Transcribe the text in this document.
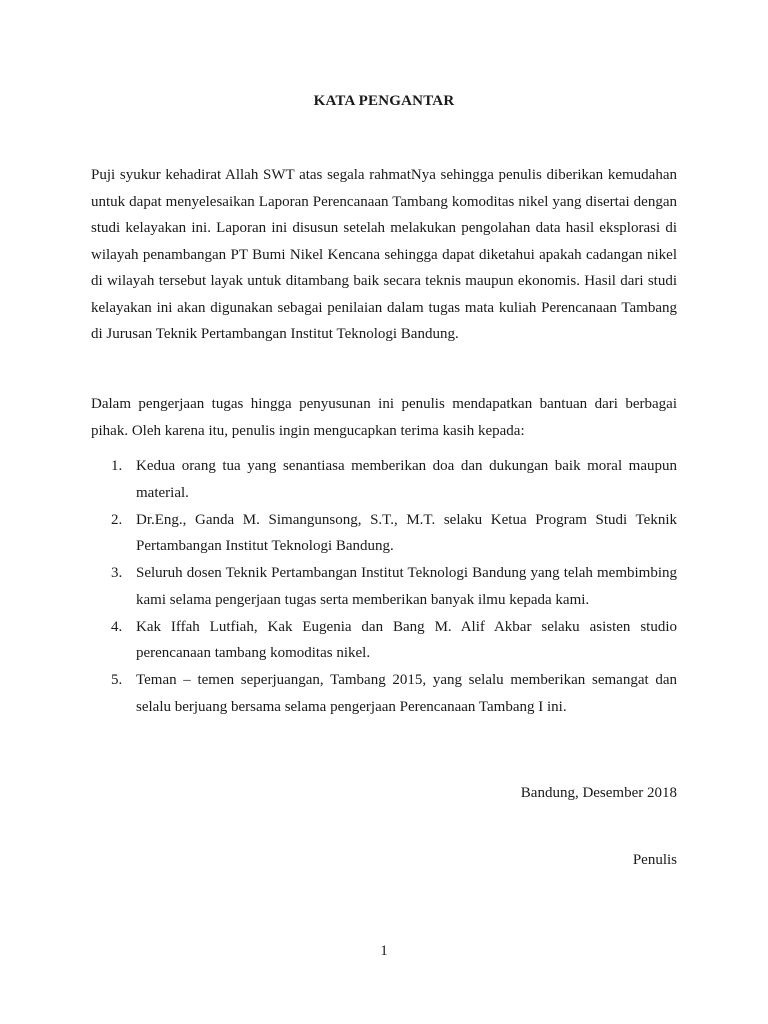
KATA PENGANTAR
Puji syukur kehadirat Allah SWT atas segala rahmatNya sehingga penulis diberikan kemudahan untuk dapat menyelesaikan Laporan Perencanaan Tambang komoditas nikel yang disertai dengan studi kelayakan ini. Laporan ini disusun setelah melakukan pengolahan data hasil eksplorasi di wilayah penambangan PT Bumi Nikel Kencana sehingga dapat diketahui apakah cadangan nikel di wilayah tersebut layak untuk ditambang baik secara teknis maupun ekonomis. Hasil dari studi kelayakan ini akan digunakan sebagai penilaian dalam tugas mata kuliah Perencanaan Tambang di Jurusan Teknik Pertambangan Institut Teknologi Bandung.
Dalam pengerjaan tugas hingga penyusunan ini penulis mendapatkan bantuan dari berbagai pihak. Oleh karena itu, penulis ingin mengucapkan terima kasih kepada:
1. Kedua orang tua yang senantiasa memberikan doa dan dukungan baik moral maupun material.
2. Dr.Eng., Ganda M. Simangunsong, S.T., M.T. selaku Ketua Program Studi Teknik Pertambangan Institut Teknologi Bandung.
3. Seluruh dosen Teknik Pertambangan Institut Teknologi Bandung yang telah membimbing kami selama pengerjaan tugas serta memberikan banyak ilmu kepada kami.
4. Kak Iffah Lutfiah, Kak Eugenia dan Bang M. Alif Akbar selaku asisten studio perencanaan tambang komoditas nikel.
5. Teman – temen seperjuangan, Tambang 2015, yang selalu memberikan semangat dan selalu berjuang bersama selama pengerjaan Perencanaan Tambang I ini.
Bandung, Desember 2018
Penulis
1
